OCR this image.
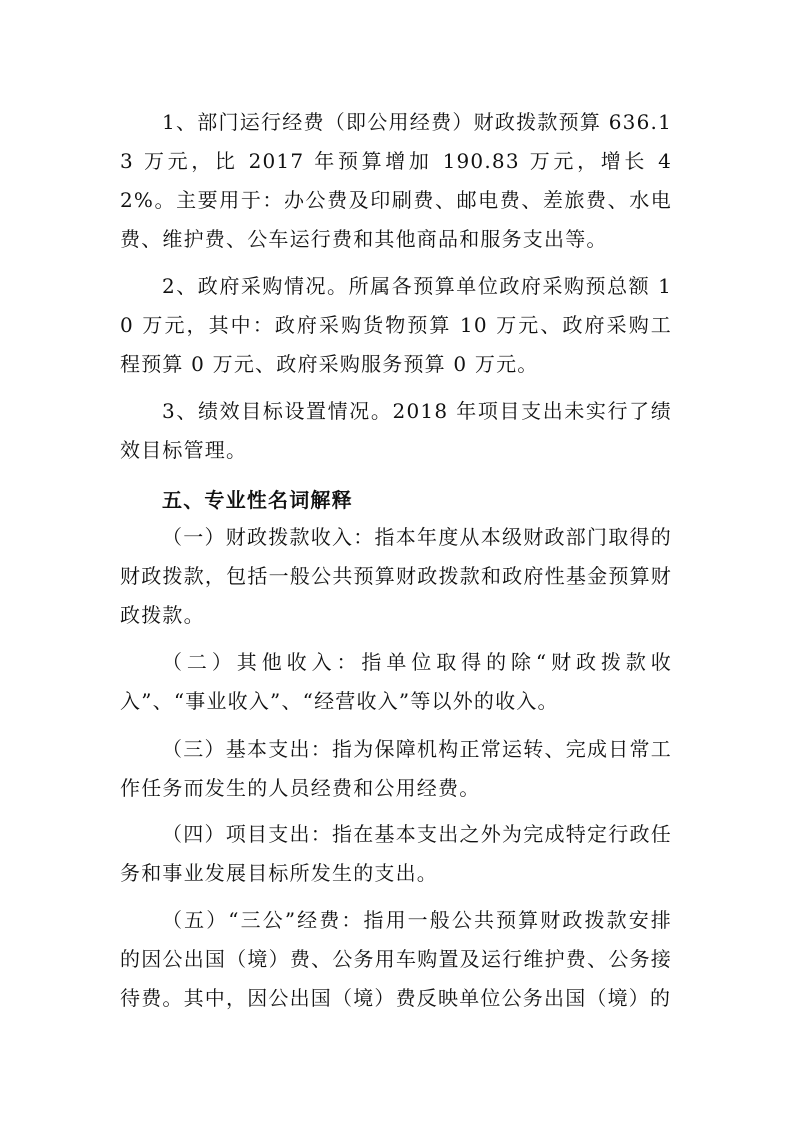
1、部门运行经费（即公用经费）财政拨款预算 636.13 万元，比 2017 年预算增加 190.83 万元，增长 42%。主要用于：办公费及印刷费、邮电费、差旅费、水电费、维护费、公车运行费和其他商品和服务支出等。

2、政府采购情况。所属各预算单位政府采购预总额 10 万元，其中：政府采购货物预算 10 万元、政府采购工程预算 0 万元、政府采购服务预算 0 万元。

3、绩效目标设置情况。2018 年项目支出未实行了绩效目标管理。

五、专业性名词解释

（一）财政拨款收入：指本年度从本级财政部门取得的财政拨款，包括一般公共预算财政拨款和政府性基金预算财政拨款。

（二）其他收入：指单位取得的除“财政拨款收入”、“事业收入”、“经营收入”等以外的收入。

（三）基本支出：指为保障机构正常运转、完成日常工作任务而发生的人员经费和公用经费。

（四）项目支出：指在基本支出之外为完成特定行政任务和事业发展目标所发生的支出。

（五）“三公”经费：指用一般公共预算财政拨款安排的因公出国（境）费、公务用车购置及运行维护费、公务接待费。其中，因公出国（境）费反映单位公务出国（境）的
